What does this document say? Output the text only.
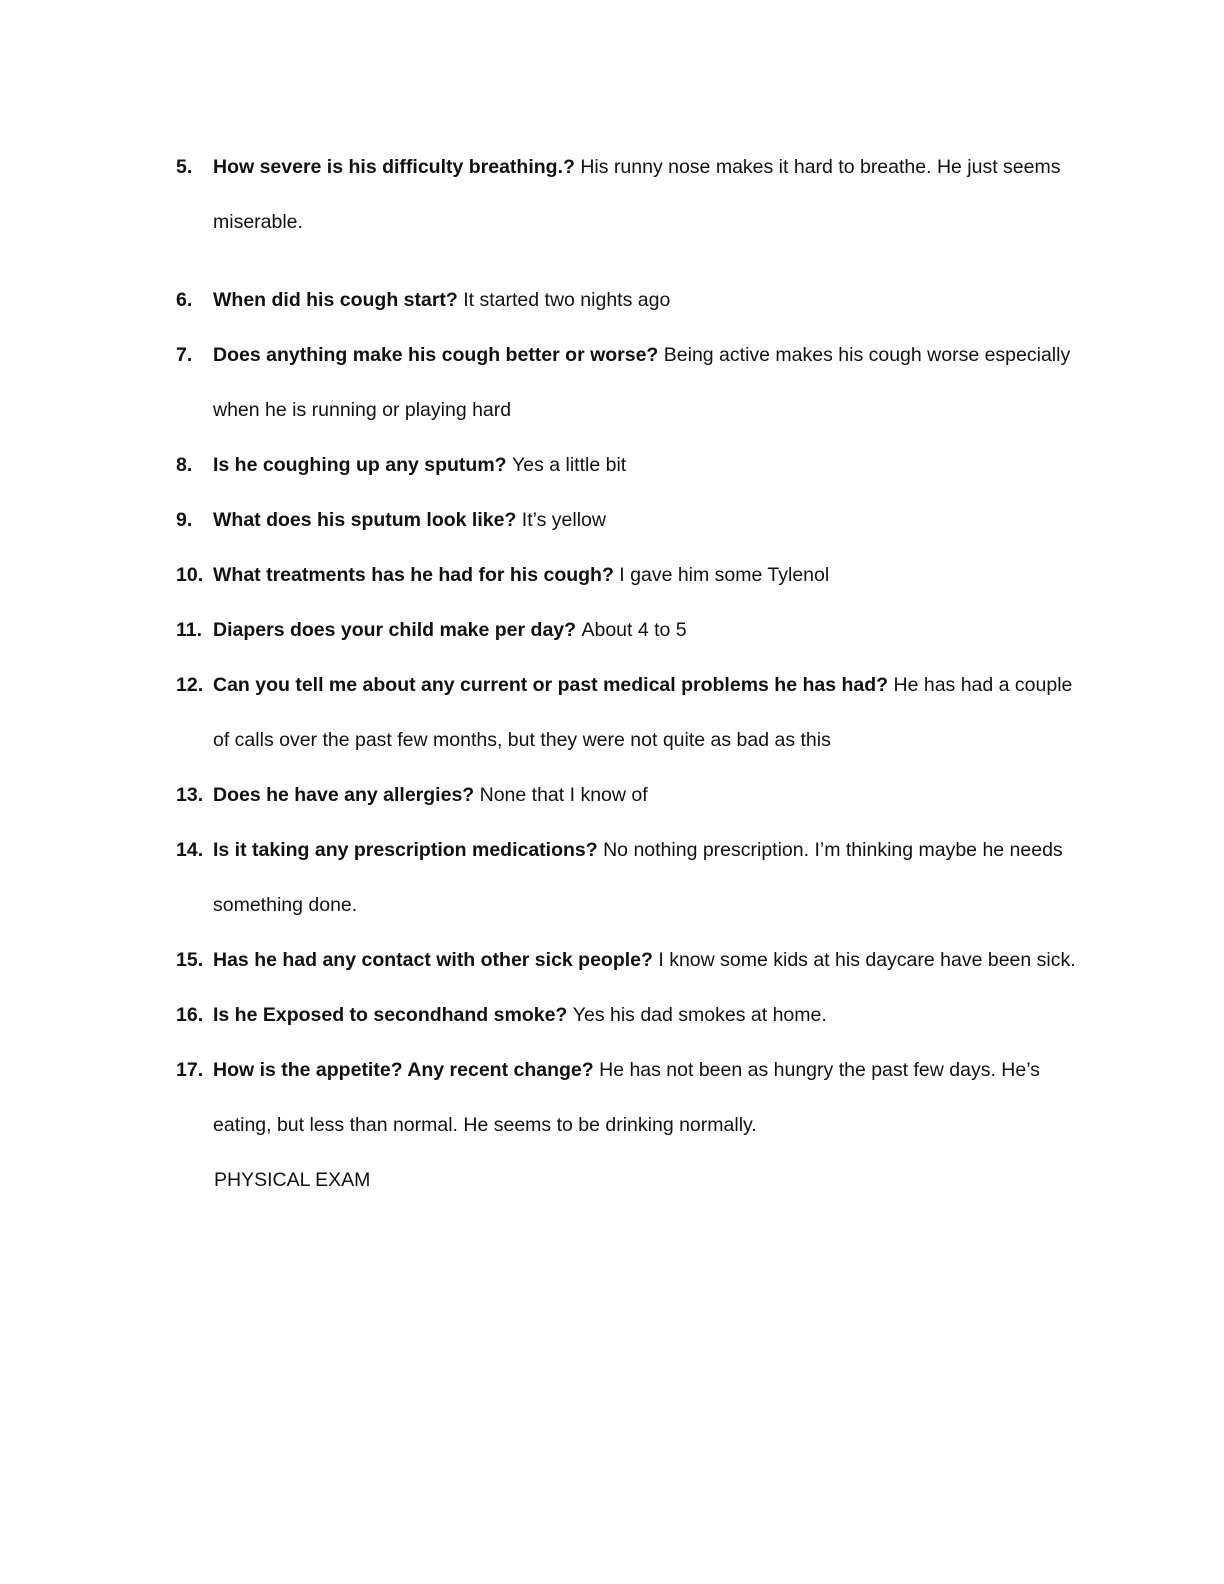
5. How severe is his difficulty breathing.? His runny nose makes it hard to breathe. He just seems miserable.
6. When did his cough start? It started two nights ago
7. Does anything make his cough better or worse? Being active makes his cough worse especially when he is running or playing hard
8. Is he coughing up any sputum? Yes a little bit
9. What does his sputum look like? It’s yellow
10. What treatments has he had for his cough? I gave him some Tylenol
11. Diapers does your child make per day? About 4 to 5
12. Can you tell me about any current or past medical problems he has had? He has had a couple of calls over the past few months, but they were not quite as bad as this
13. Does he have any allergies? None that I know of
14. Is it taking any prescription medications? No nothing prescription. I’m thinking maybe he needs something done.
15. Has he had any contact with other sick people? I know some kids at his daycare have been sick.
16. Is he Exposed to secondhand smoke? Yes his dad smokes at home.
17. How is the appetite? Any recent change? He has not been as hungry the past few days. He’s eating, but less than normal. He seems to be drinking normally.
PHYSICAL EXAM
